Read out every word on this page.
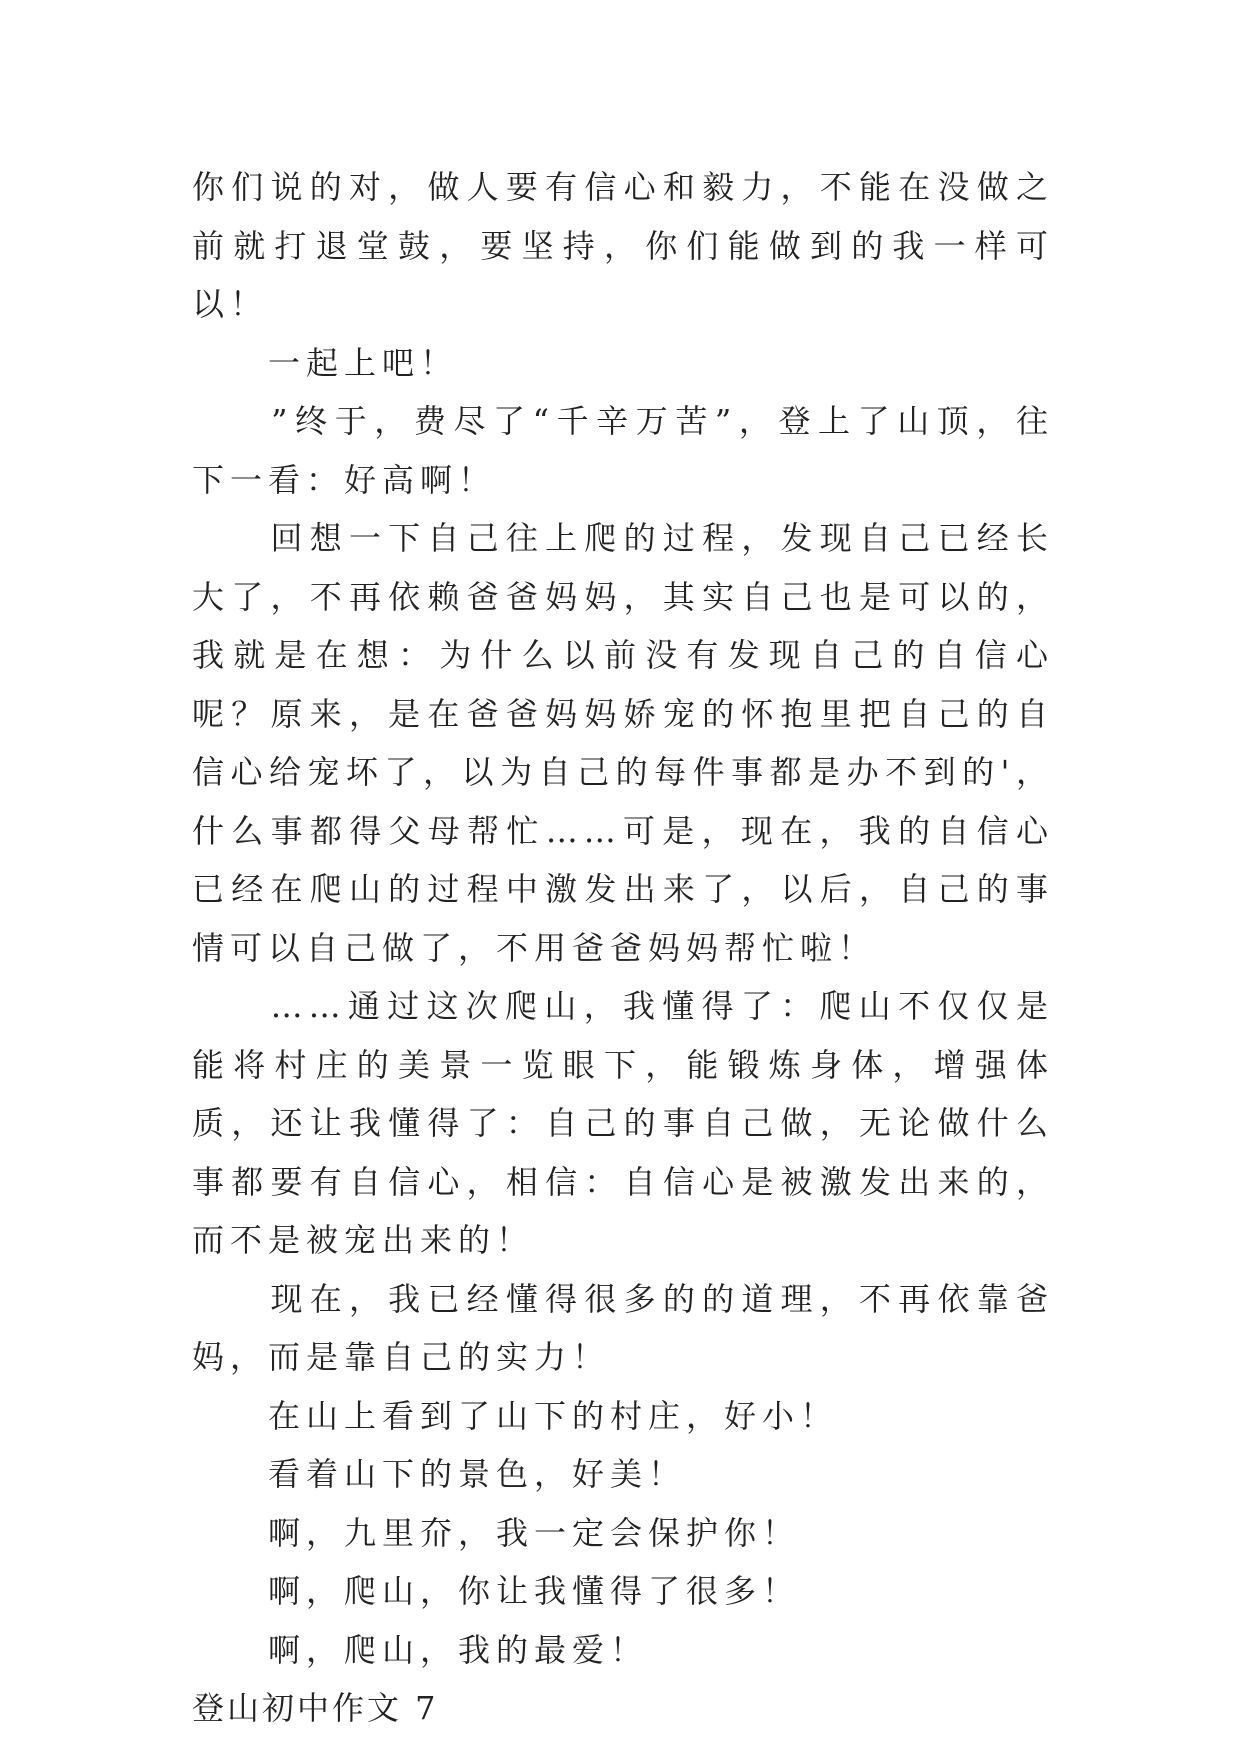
你们说的对，做人要有信心和毅力，不能在没做之前就打退堂鼓，要坚持，你们能做到的我一样可以！

　　一起上吧！

　　”终于，费尽了“千辛万苦”，登上了山顶，往下一看：好高啊！

　　回想一下自己往上爬的过程，发现自己已经长大了，不再依赖爸爸妈妈，其实自己也是可以的，我就是在想：为什么以前没有发现自己的自信心呢？原来，是在爸爸妈妈娇宠的怀抱里把自己的自信心给宠坏了，以为自己的每件事都是办不到的'，什么事都得父母帮忙……可是，现在，我的自信心已经在爬山的过程中激发出来了，以后，自己的事情可以自己做了，不用爸爸妈妈帮忙啦！

　　……通过这次爬山，我懂得了：爬山不仅仅是能将村庄的美景一览眼下，能锻炼身体，增强体质，还让我懂得了：自己的事自己做，无论做什么事都要有自信心，相信：自信心是被激发出来的，而不是被宠出来的！

　　现在，我已经懂得很多的的道理，不再依靠爸妈，而是靠自己的实力！

　　在山上看到了山下的村庄，好小！

　　看着山下的景色，好美！

　　啊，九里夼，我一定会保护你！

　　啊，爬山，你让我懂得了很多！

　　啊，爬山，我的最爱！

登山初中作文 7
